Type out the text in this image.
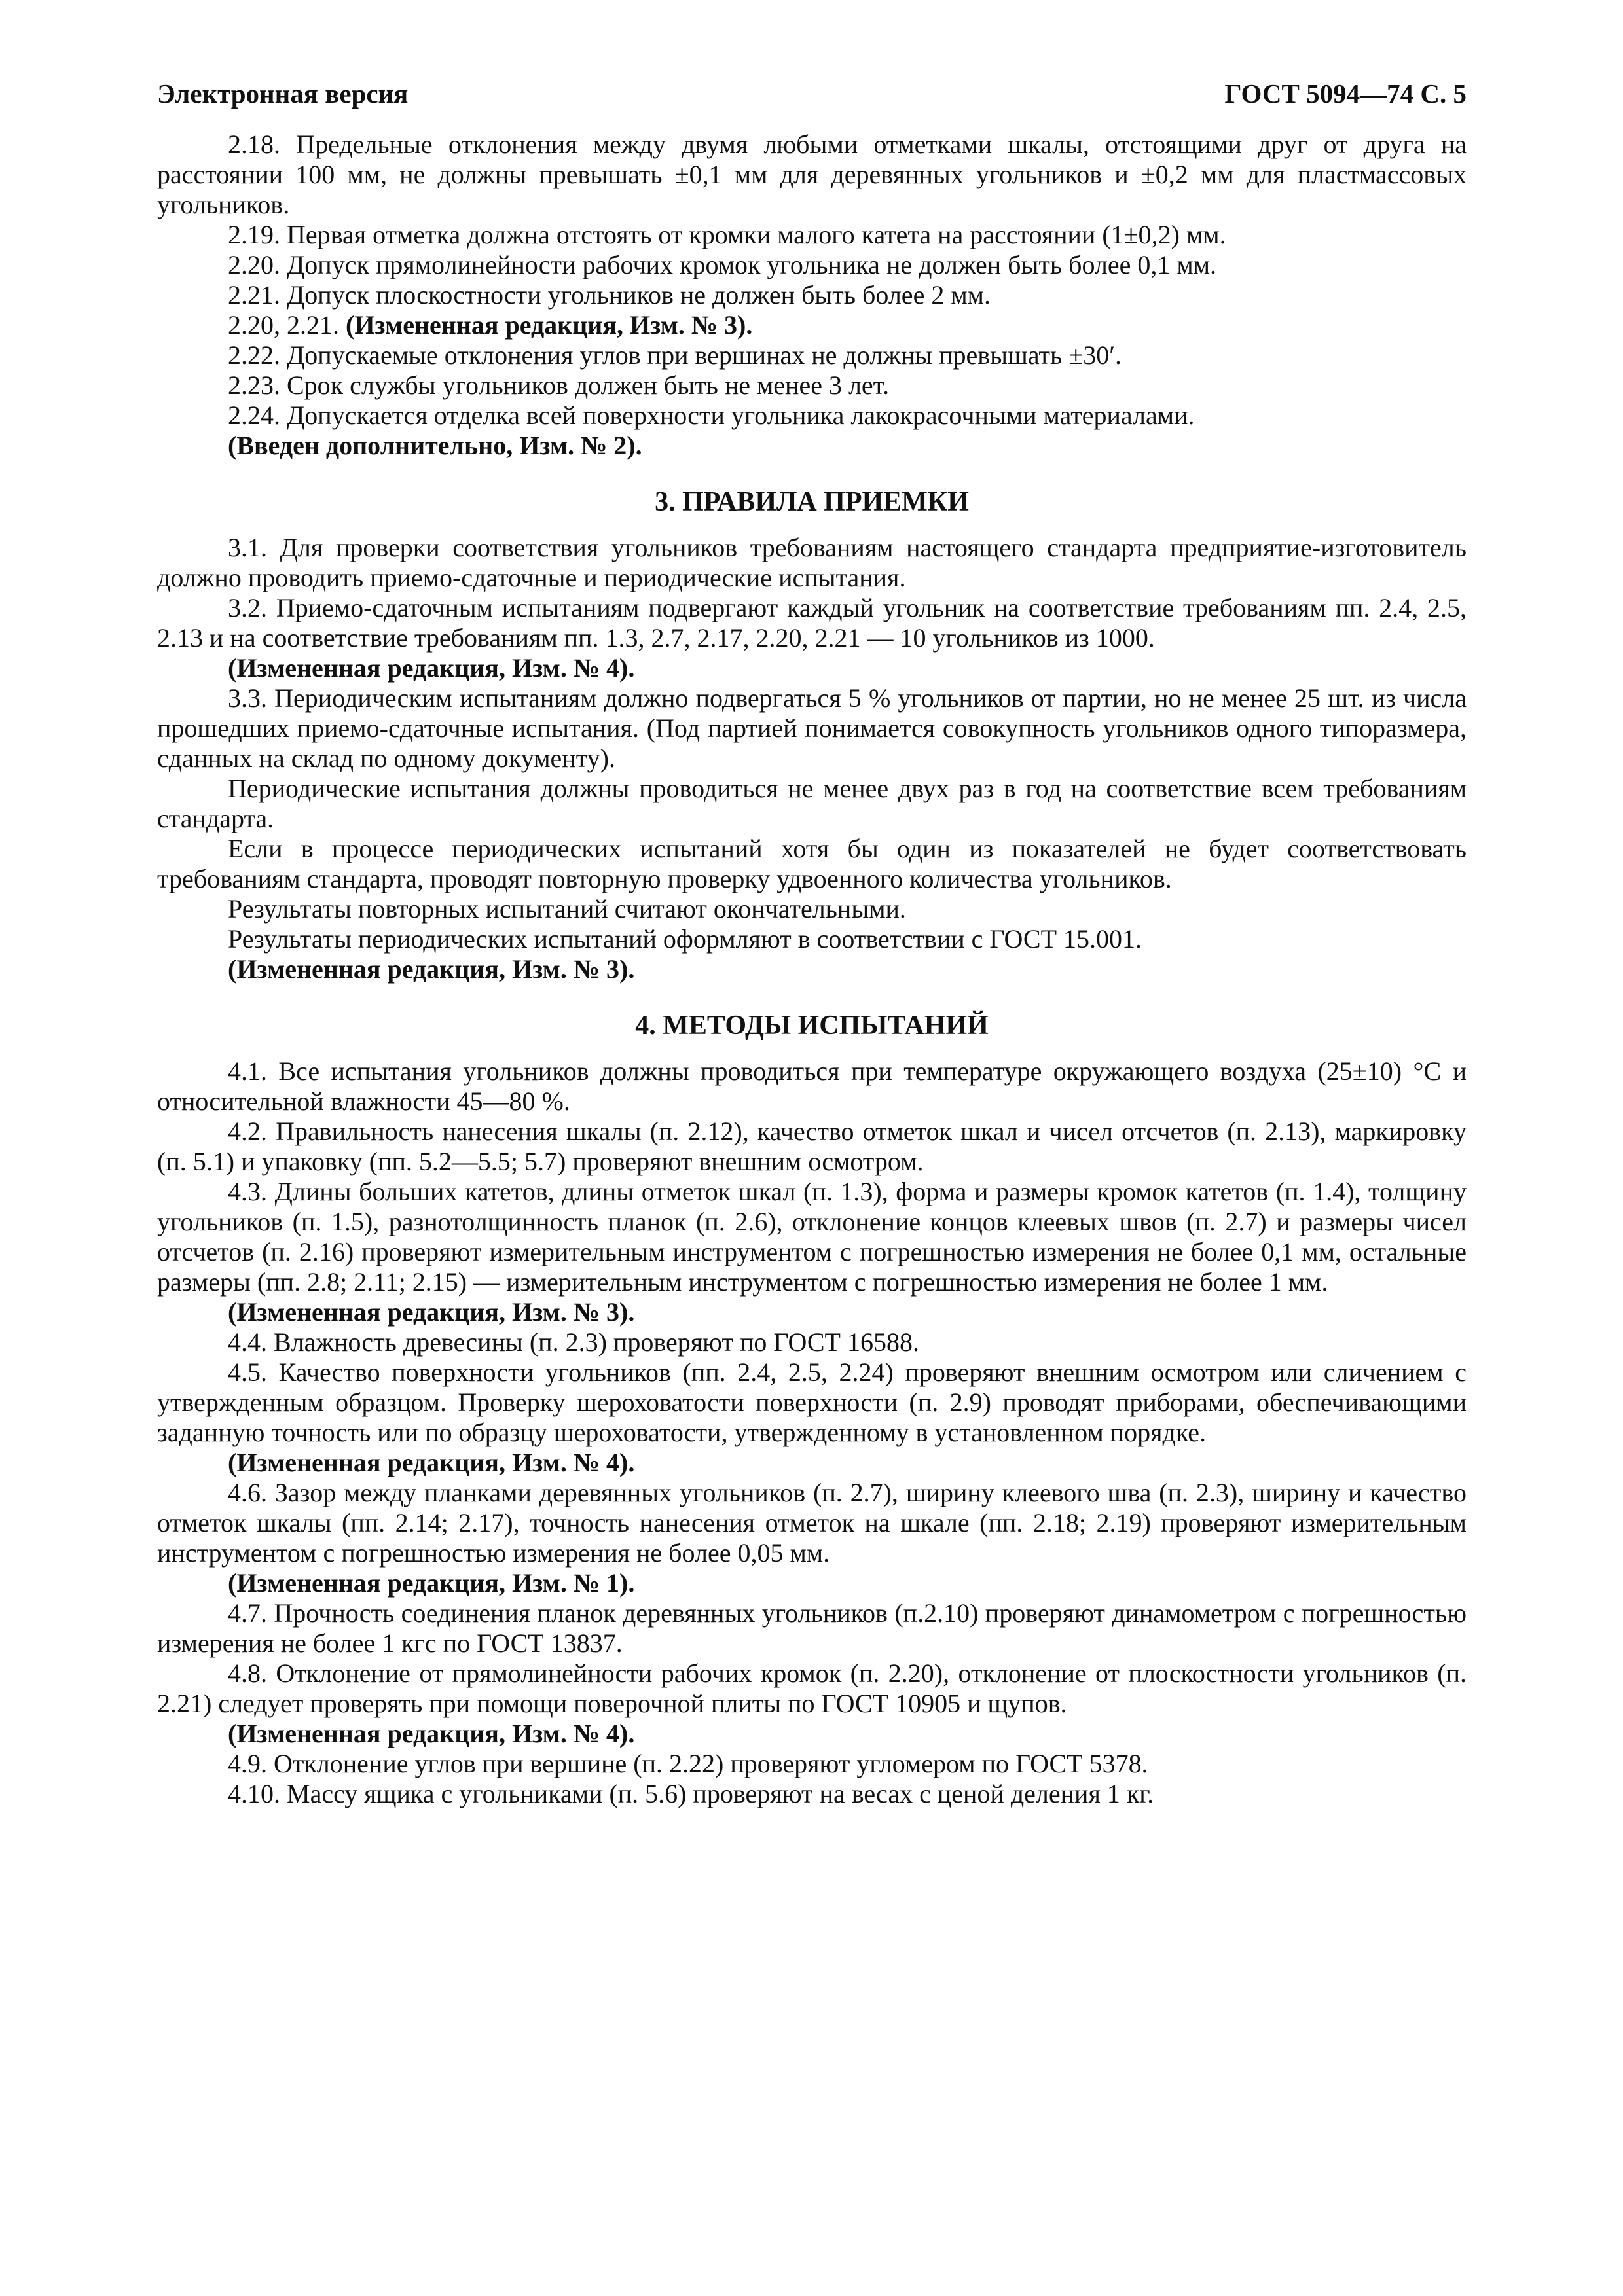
Электронная версия	ГОСТ 5094—74 С. 5

2.18. Предельные отклонения между двумя любыми отметками шкалы, отстоящими друг от друга на расстоянии 100 мм, не должны превышать ±0,1 мм для деревянных угольников и ±0,2 мм для пластмассовых угольников.

2.19. Первая отметка должна отстоять от кромки малого катета на расстоянии (1±0,2) мм.

2.20. Допуск прямолинейности рабочих кромок угольника не должен быть более 0,1 мм.

2.21. Допуск плоскостности угольников не должен быть более 2 мм.

2.20, 2.21. (Измененная редакция, Изм. № 3).

2.22. Допускаемые отклонения углов при вершинах не должны превышать ±30′.

2.23. Срок службы угольников должен быть не менее 3 лет.

2.24. Допускается отделка всей поверхности угольника лакокрасочными материалами.

(Введен дополнительно, Изм. № 2).

3. ПРАВИЛА ПРИЕМКИ

3.1. Для проверки соответствия угольников требованиям настоящего стандарта предприятие-изготовитель должно проводить приемо-сдаточные и периодические испытания.

3.2. Приемо-сдаточным испытаниям подвергают каждый угольник на соответствие требованиям пп. 2.4, 2.5, 2.13 и на соответствие требованиям пп. 1.3, 2.7, 2.17, 2.20, 2.21 — 10 угольников из 1000.

(Измененная редакция, Изм. № 4).

3.3. Периодическим испытаниям должно подвергаться 5 % угольников от партии, но не менее 25 шт. из числа прошедших приемо-сдаточные испытания. (Под партией понимается совокупность угольников одного типоразмера, сданных на склад по одному документу).

Периодические испытания должны проводиться не менее двух раз в год на соответствие всем требованиям стандарта.

Если в процессе периодических испытаний хотя бы один из показателей не будет соответствовать требованиям стандарта, проводят повторную проверку удвоенного количества угольников.

Результаты повторных испытаний считают окончательными.

Результаты периодических испытаний оформляют в соответствии с ГОСТ 15.001.

(Измененная редакция, Изм. № 3).

4. МЕТОДЫ ИСПЫТАНИЙ

4.1. Все испытания угольников должны проводиться при температуре окружающего воздуха (25±10) °С и относительной влажности 45—80 %.

4.2. Правильность нанесения шкалы (п. 2.12), качество отметок шкал и чисел отсчетов (п. 2.13), маркировку (п. 5.1) и упаковку (пп. 5.2—5.5; 5.7) проверяют внешним осмотром.

4.3. Длины больших катетов, длины отметок шкал (п. 1.3), форма и размеры кромок катетов (п. 1.4), толщину угольников (п. 1.5), разнотолщинность планок (п. 2.6), отклонение концов клеевых швов (п. 2.7) и размеры чисел отсчетов (п. 2.16) проверяют измерительным инструментом с погрешностью измерения не более 0,1 мм, остальные размеры (пп. 2.8; 2.11; 2.15) — измерительным инструментом с погрешностью измерения не более 1 мм.

(Измененная редакция, Изм. № 3).

4.4. Влажность древесины (п. 2.3) проверяют по ГОСТ 16588.

4.5. Качество поверхности угольников (пп. 2.4, 2.5, 2.24) проверяют внешним осмотром или сличением с утвержденным образцом. Проверку шероховатости поверхности (п. 2.9) проводят приборами, обеспечивающими заданную точность или по образцу шероховатости, утвержденному в установленном порядке.

(Измененная редакция, Изм. № 4).

4.6. Зазор между планками деревянных угольников (п. 2.7), ширину клеевого шва (п. 2.3), ширину и качество отметок шкалы (пп. 2.14; 2.17), точность нанесения отметок на шкале (пп. 2.18; 2.19) проверяют измерительным инструментом с погрешностью измерения не более 0,05 мм.

(Измененная редакция, Изм. № 1).

4.7. Прочность соединения планок деревянных угольников (п.2.10) проверяют динамометром с погрешностью измерения не более 1 кгс по ГОСТ 13837.

4.8. Отклонение от прямолинейности рабочих кромок (п. 2.20), отклонение от плоскостности угольников (п. 2.21) следует проверять при помощи поверочной плиты по ГОСТ 10905 и щупов.

(Измененная редакция, Изм. № 4).

4.9. Отклонение углов при вершине (п. 2.22) проверяют угломером по ГОСТ 5378.

4.10. Массу ящика с угольниками (п. 5.6) проверяют на весах с ценой деления 1 кг.
